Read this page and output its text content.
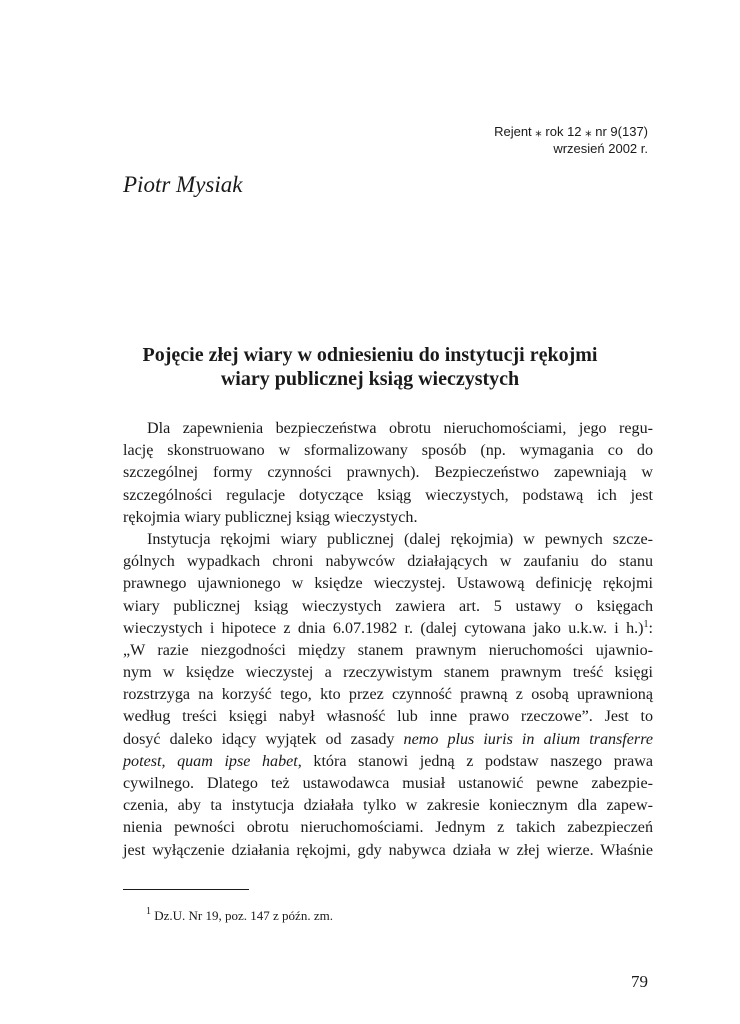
Rejent ⁎ rok 12 ⁎ nr 9(137)
wrzesień 2002 r.
Piotr Mysiak
Pojęcie złej wiary w odniesieniu do instytucji rękojmi
wiary publicznej ksiąg wieczystych
Dla zapewnienia bezpieczeństwa obrotu nieruchomościami, jego regu-
lację skonstruowano w sformalizowany sposób (np. wymagania co do
szczególnej formy czynności prawnych). Bezpieczeństwo zapewniają w
szczególności regulacje dotyczące ksiąg wieczystych, podstawą ich jest
rękojmia wiary publicznej ksiąg wieczystych.
Instytucja rękojmi wiary publicznej (dalej rękojmia) w pewnych szcze-
gólnych wypadkach chroni nabywców działających w zaufaniu do stanu
prawnego ujawnionego w księdze wieczystej. Ustawową definicję rękojmi
wiary publicznej ksiąg wieczystych zawiera art. 5 ustawy o księgach
wieczystych i hipotece z dnia 6.07.1982 r. (dalej cytowana jako u.k.w. i h.)$^1$:
„W razie niezgodności między stanem prawnym nieruchomości ujawnio-
nym w księdze wieczystej a rzeczywistym stanem prawnym treść księgi
rozstrzyga na korzyść tego, kto przez czynność prawną z osobą uprawnioną
według treści księgi nabył własność lub inne prawo rzeczowe”. Jest to
dosyć daleko idący wyjątek od zasady nemo plus iuris in alium transferre
potest, quam ipse habet, która stanowi jedną z podstaw naszego prawa
cywilnego. Dlatego też ustawodawca musiał ustanowić pewne zabezpie-
czenia, aby ta instytucja działała tylko w zakresie koniecznym dla zapew-
nienia pewności obrotu nieruchomościami. Jednym z takich zabezpieczeń
jest wyłączenie działania rękojmi, gdy nabywca działa w złej wierze. Właśnie
$^1$ Dz.U. Nr 19, poz. 147 z późn. zm.
79
